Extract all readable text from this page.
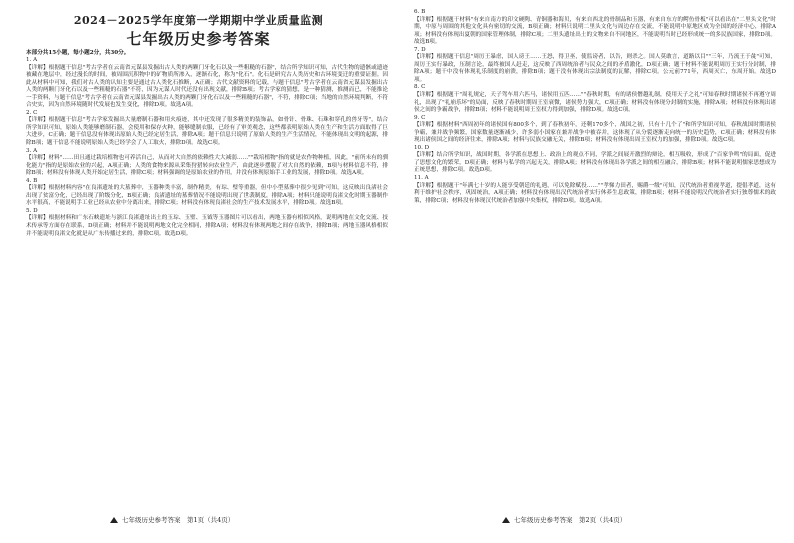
2024－2025学年度第一学期期中学业质量监测
七年级历史参考答案
本部分共15小题，每小题2分，共30分。
1. A
【详解】根据题干信息"考古学者在云南省元谋县发掘出古人类的两颗门牙化石以及一些粗糙的石器"，结合所学知识可知，古代生物的遗骸或遗迹被藏在地层中，经过漫长的时间，被周围沉积物中的矿物质所渗入，逐渐石化，称为"化石"。化石是研究古人类历史和古环境变迁的重要证据。因此从材料中可知，我们对古人类的认知主要是通过古人类化石推断，A正确；古代文献资料的记载，与题干信息"考古学者在云南省元谋县发掘出古人类的两颗门牙化石以及一些粗糙的石器"不符，因为元谋人时代还没有出现文献，排除B项；考古学家的猜想，是一种猜测，推测而已，不能推论一手资料，与题干信息"考古学者在云南省元谋县发掘出古人类的两颗门牙化石以及一些粗糙的石器"，不符，排除C项；当地的自然环境判断，不符合史实，因为自然环境随时代发展也发生变化，排除D项。故选A项。
2. C
【详解】根据题干信息"考古学家发掘出大量磨制石器和用火痕迹，其中还发现了很多精美的装饰品，如骨针、骨珠、石珠和穿孔的兽牙等"，结合所学知识可知，原始人类能够磨制石器，会使用和保存火种，能够缝制衣服，已经有了审美观念，这些都表明原始人类在生产和生活方面取得了巨大进步，C正确；题干信息没有体现出原始人类已经定居生活，排除A项；题干信息只说明了原始人类的生产生活情况，不能体现出文明的起源，排除B项；题干信息不能说明原始人类已经学会了人工取火，排除D项。故选C项。
3. A
【详解】材料"……田且通过栽培植物也可养活自己，从而对大自然的依赖性大大减弱……""栽培植物"指的就是农作物种植，因此，"前所未有的驯化能力"指的是原始农业的兴起，A项正确；人类的食物来源从采集狩猎转向农业生产，由此逐步摆脱了对大自然的依赖，B项与材料信息不符，排除B项；材料没有体现人类开始定居生活，排除C项；材料强调的是原始农业的作用，并没有体现原始手工业的发展，排除D项。故选A项。
4. B
【详解】根据材料内容"在良渚遗址的大墓葬中，玉器种类丰富，制作精美，有琮、璧等重器，但中小型墓葬中很少见到"可知，这反映出良渚社会出现了贫富分化，已经出现了阶级分化，B项正确；良渚遗址的墓葬情况不能说明出现了世袭制度，排除A项；材料只能说明良渚文化时期玉器制作水平很高，不能说明手工业已经从农业中分离出来，排除C项；材料没有体现良渚社会的生产技术发展水平，排除D项。故选B项。
5. D
【详解】根据材料和广东石峡遗址与浙江良渚遗址出土的玉琮、玉璧、玉钺等玉器图片可以看出，两地玉器有相似风格，说明两地在文化交流、技术传承等方面存在联系，D项正确；材料并不能说明两地文化完全相同，排除A项；材料没有体现两地之间存在战争，排除B项；两地玉器风格相似并不能说明良渚文化就是从广东传播过来的，排除C项。故选D项。
6. B
【详解】根据题干材料"有来自南方的印文硬陶、青铜器和海贝，有来自西北的骨制品和玉器，有来自东方的鳄鱼骨板"可以看出在"二里头文化"时期，中原与周围的其他文化具有密切的交流，B项正确；材料只说明二里头文化与周边存在交流，不能说明中原地区成为全国的经济中心，排除A项；材料没有体现出夏朝的国家管理体制，排除C项；二里头遗址出土的文物来自不同地区，不能说明当时已经形成统一的多民族国家，排除D项。故选B项。
7. D
【详解】根据题干信息"周厉王暴虐，国人谤王……王怒，得卫巫，使监谤者，以告，则杀之。国人莫敢言，道路以目""三年，乃流王于彘"可知，周厉王实行暴政，压制言论，最终被国人赶走，这反映了西周统治者与民众之间的矛盾激化，D项正确；题干材料不能说明周厉王实行分封制，排除A项；题干中没有体现礼乐制度的崩溃，排除B项；题干没有体现出宗法制度的瓦解，排除C项。公元前771年，西周灭亡，东周开始。故选D项。
8. C
【详解】根据题干"周礼规定，天子驾车用六匹马，诸侯用五匹……""春秋时期，有的诸侯僭越礼制，使用天子之礼"可知春秋时期诸侯不再遵守周礼，出现了"礼崩乐坏"的局面，反映了春秋时期周王室衰微，诸侯势力强大，C项正确；材料没有体现分封制的实施，排除A项；材料没有体现出诸侯之间的争霸战争，排除B项；材料不能说明周王室权力得到加强，排除D项。故选C项。
9. C
【详解】根据材料"西周初年的诸侯国有800多个，到了春秋初年，还剩170多个，战国之初，只有十几个了"和所学知识可知，春秋战国时期诸侯争霸，兼并战争频繁，国家数量逐渐减少，许多弱小国家在兼并战争中被吞并，这体现了从分裂逐渐走向统一的历史趋势，C项正确；材料没有体现出诸侯国之间的经济往来，排除A项；材料与民族交融无关，排除B项；材料没有体现出周王室权力的加强，排除D项。故选C项。
10. D
【详解】结合所学知识，战国时期，各学派在思想上、政治上的观点不同，学派之间展开激烈的辩论，相互吸收，形成了"百家争鸣"的局面，促进了思想文化的繁荣，D项正确；材料与私学的兴起无关，排除A项；材料没有体现出各学派之间的相互融合，排除B项；材料不能说明儒家思想成为正统思想，排除C项。故选D项。
11. A
【详解】根据题干"年满七十岁的人能享受朝廷的礼遇，可以免除赋役……""孝悌力田者，赐爵一级"可知，汉代统治者重视孝道，提倡孝道，这有利于维护社会秩序，巩固统治，A项正确；材料没有体现出汉代统治者实行休养生息政策，排除B项；材料不能说明汉代统治者实行独尊儒术的政策，排除C项；材料没有体现汉代统治者加强中央集权，排除D项。故选A项。
七年级历史参考答案　第1页（共4页）	七年级历史参考答案　第2页（共4页）
